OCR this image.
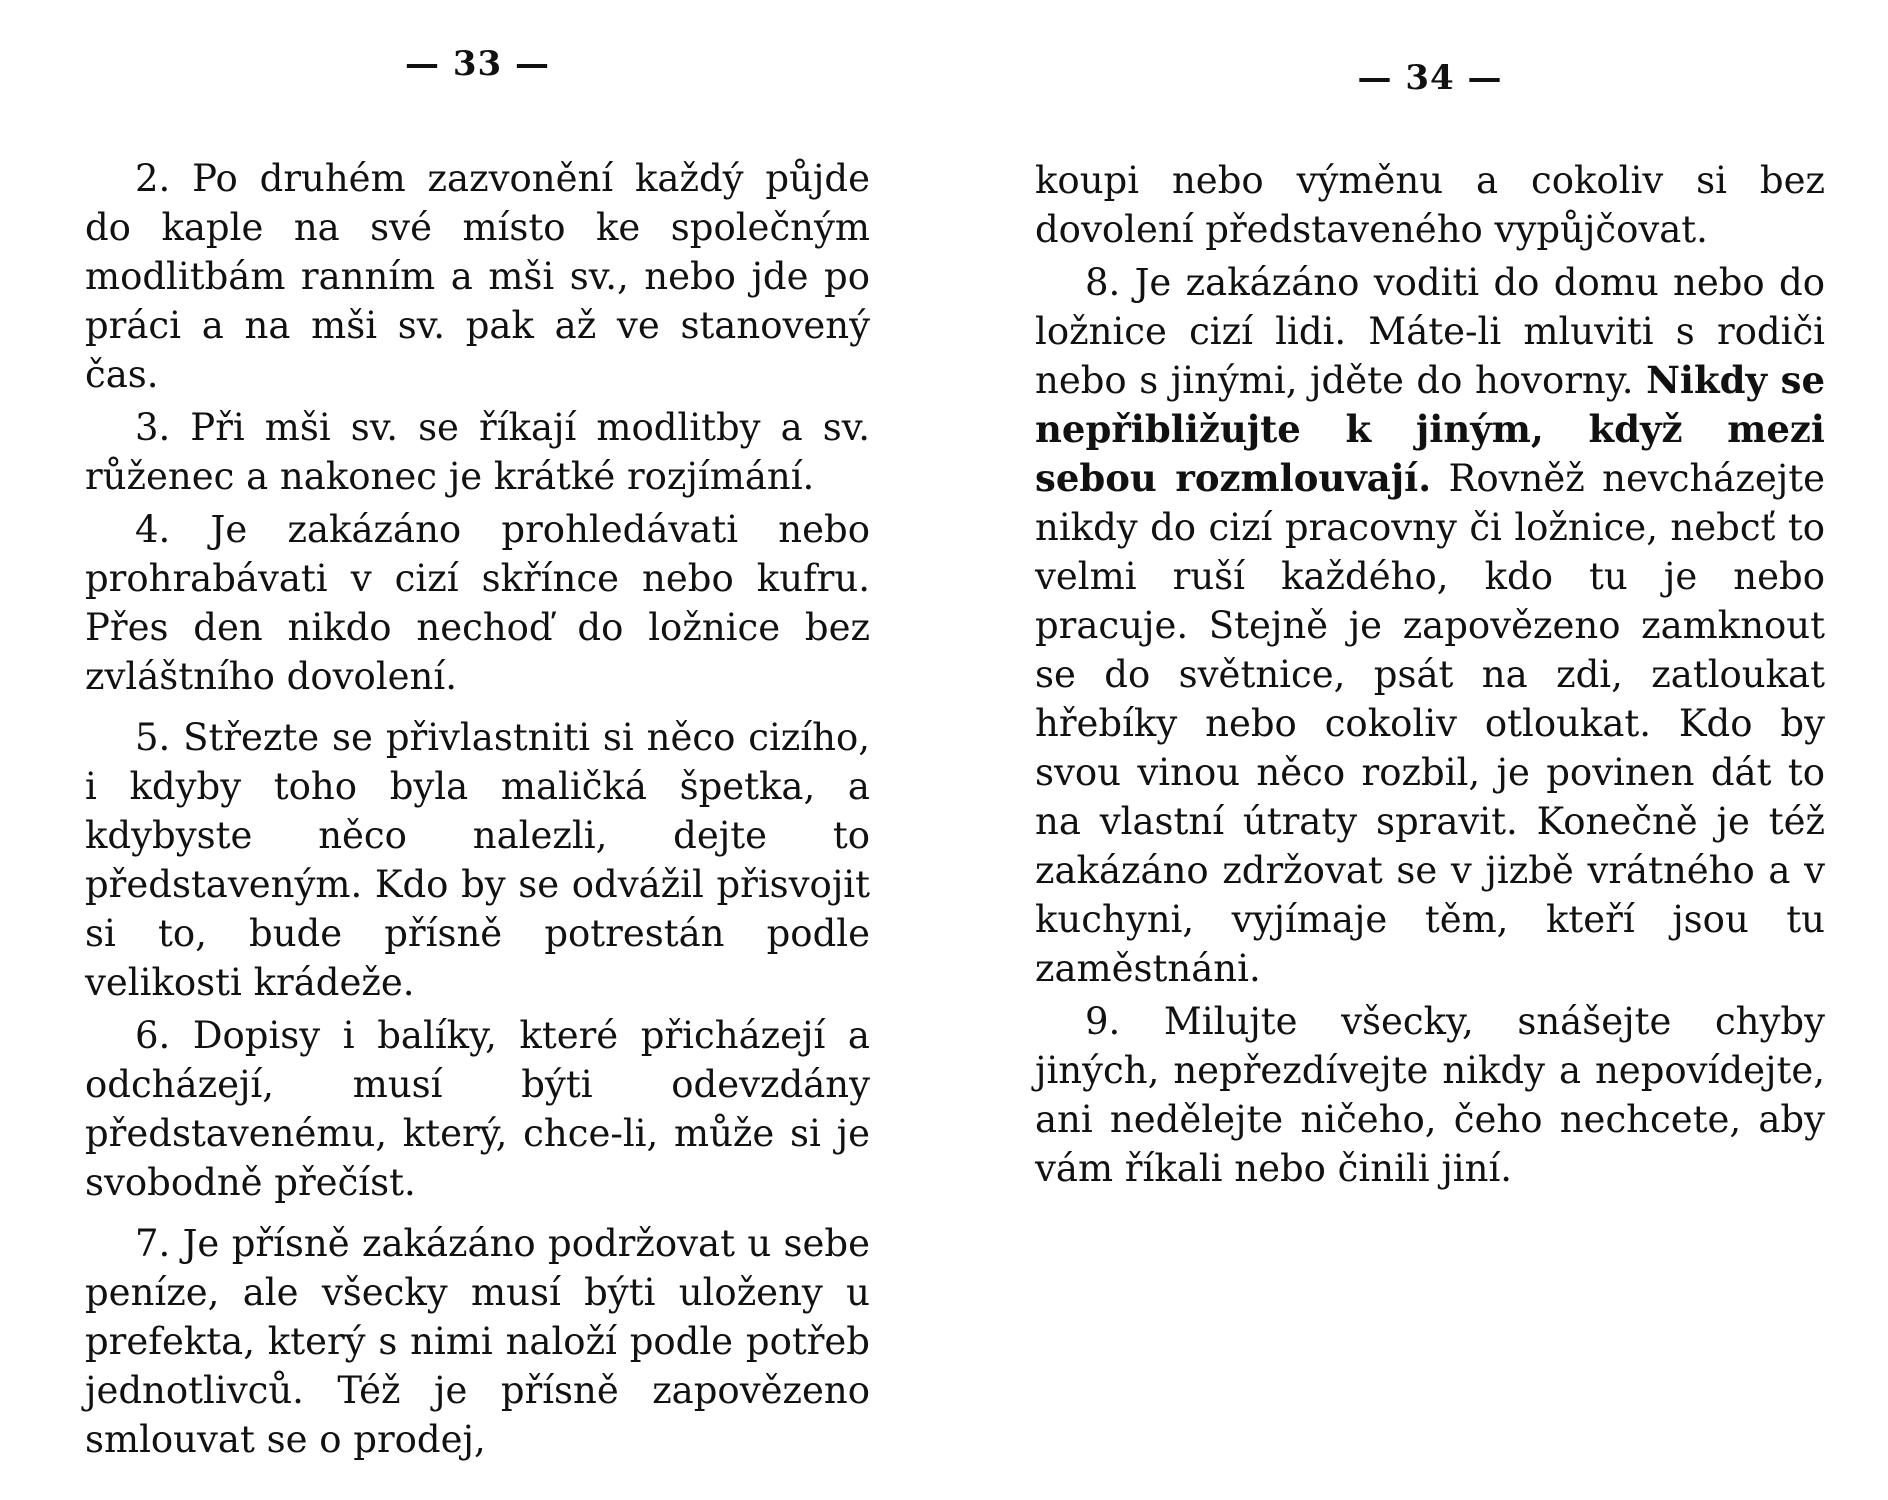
— 33 —

2. Po druhém zazvonění každý půjde do kaple na své místo ke společným modlitbám ranním a mši sv., nebo jde po práci a na mši sv. pak až ve stanovený čas.

3. Při mši sv. se říkají modlitby a sv. růženec a nakonec je krátké rozjímání.

4. Je zakázáno prohledávati nebo prohrabávati v cizí skřínce nebo kufru. Přes den nikdo nechoď do ložnice bez zvláštního dovolení.

5. Střezte se přivlastniti si něco cizího, i kdyby toho byla maličká špetka, a kdybyste něco nalezli, dejte to představeným. Kdo by se odvážil přisvojit si to, bude přísně potrestán podle velikosti krádeže.

6. Dopisy i balíky, které přicházejí a odcházejí, musí býti odevzdány představenému, který, chce-li, může si je svobodně přečíst.

7. Je přísně zakázáno podržovat u sebe peníze, ale všecky musí býti uloženy u prefekta, který s nimi naloží podle potřeb jednotlivců. Též je přísně zapovězeno smlouvat se o prodej,

— 34 —

koupi nebo výměnu a cokoliv si bez dovolení představeného vypůjčovat.

8. Je zakázáno voditi do domu nebo do ložnice cizí lidi. Máte-li mluviti s rodiči nebo s jinými, jděte do hovorny. Nikdy se nepřibližujte k jiným, když mezi sebou rozmlouvají. Rovněž nevcházejte nikdy do cizí pracovny či ložnice, nebcť to velmi ruší každého, kdo tu je nebo pracuje. Stejně je zapovězeno zamknout se do světnice, psát na zdi, zatloukat hřebíky nebo cokoliv otloukat. Kdo by svou vinou něco rozbil, je povinen dát to na vlastní útraty spravit. Konečně je též zakázáno zdržovat se v jizbě vrátného a v kuchyni, vyjímaje těm, kteří jsou tu zaměstnáni.

9. Milujte všecky, snášejte chyby jiných, nepřezdívejte nikdy a nepovídejte, ani nedělejte ničeho, čeho nechcete, aby vám říkali nebo činili jiní.
